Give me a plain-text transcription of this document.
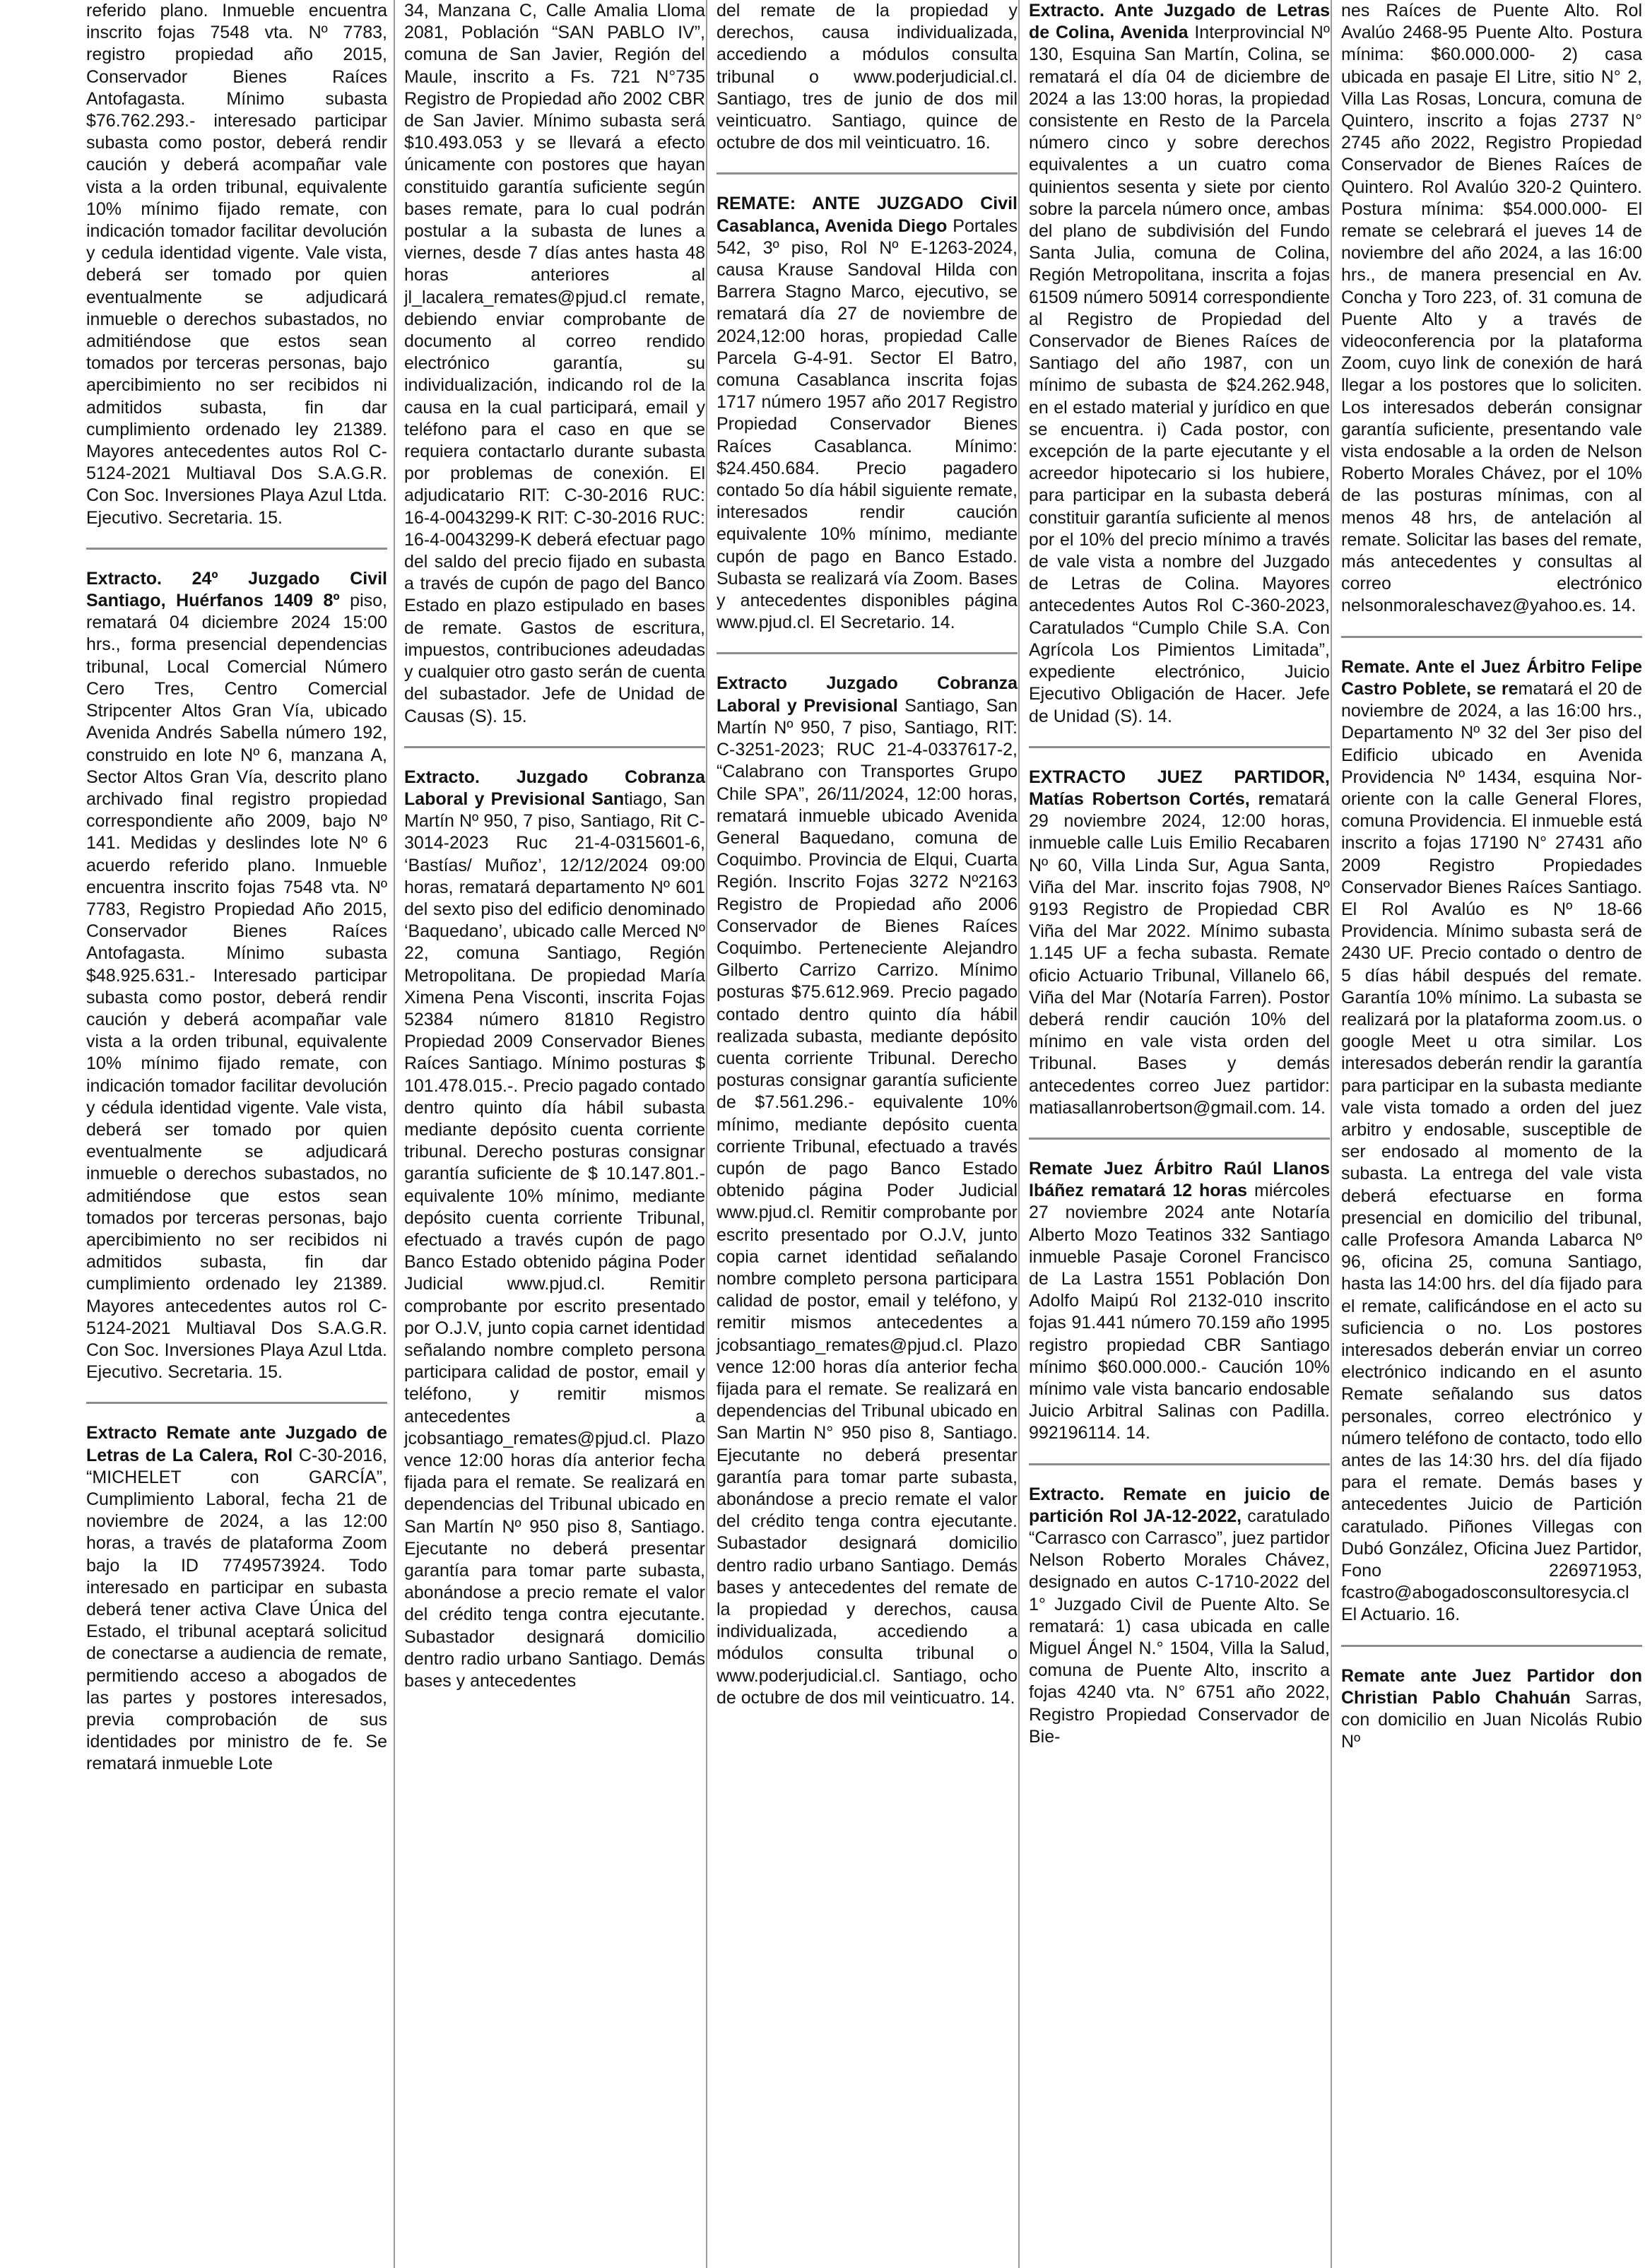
referido plano. Inmueble encuentra inscrito fojas 7548 vta. Nº 7783, registro propiedad año 2015, Conservador Bienes Raíces Antofagasta. Mínimo subasta $76.762.293.- interesado participar subasta como postor, deberá rendir caución y deberá acompañar vale vista a la orden tribunal, equivalente 10% mínimo fijado remate, con indicación tomador facilitar devolución y cedula identidad vigente. Vale vista, deberá ser tomado por quien eventualmente se adjudicará inmueble o derechos subastados, no admitiéndose que estos sean tomados por terceras personas, bajo apercibimiento no ser recibidos ni admitidos subasta, fin dar cumplimiento ordenado ley 21389. Mayores antecedentes autos Rol C-5124-2021 Multiaval Dos S.A.G.R. Con Soc. Inversiones Playa Azul Ltda. Ejecutivo. Secretaria. 15.
Extracto. 24º Juzgado Civil Santiago, Huérfanos 1409 8º piso, rematará 04 diciembre 2024 15:00 hrs., forma presencial dependencias tribunal, Local Comercial Número Cero Tres, Centro Comercial Stripcenter Altos Gran Vía, ubicado Avenida Andrés Sabella número 192, construido en lote Nº 6, manzana A, Sector Altos Gran Vía, descrito plano archivado final registro propiedad correspondiente año 2009, bajo Nº 141. Medidas y deslindes lote Nº 6 acuerdo referido plano. Inmueble encuentra inscrito fojas 7548 vta. Nº 7783, Registro Propiedad Año 2015, Conservador Bienes Raíces Antofagasta. Mínimo subasta $48.925.631.- Interesado participar subasta como postor, deberá rendir caución y deberá acompañar vale vista a la orden tribunal, equivalente 10% mínimo fijado remate, con indicación tomador facilitar devolución y cédula identidad vigente. Vale vista, deberá ser tomado por quien eventualmente se adjudicará inmueble o derechos subastados, no admitiéndose que estos sean tomados por terceras personas, bajo apercibimiento no ser recibidos ni admitidos subasta, fin dar cumplimiento ordenado ley 21389. Mayores antecedentes autos rol C-5124-2021 Multiaval Dos S.A.G.R. Con Soc. Inversiones Playa Azul Ltda. Ejecutivo. Secretaria. 15.
Extracto Remate ante Juzgado de Letras de La Calera, Rol C-30-2016, “MICHELET con GARCÍA”, Cumplimiento Laboral, fecha 21 de noviembre de 2024, a las 12:00 horas, a través de plataforma Zoom bajo la ID 7749573924. Todo interesado en participar en subasta deberá tener activa Clave Única del Estado, el tribunal aceptará solicitud de conectarse a audiencia de remate, permitiendo acceso a abogados de las partes y postores interesados, previa comprobación de sus identidades por ministro de fe. Se rematará inmueble Lote
34, Manzana C, Calle Amalia Lloma 2081, Población “SAN PABLO IV”, comuna de San Javier, Región del Maule, inscrito a Fs. 721 N°735 Registro de Propiedad año 2002 CBR de San Javier. Mínimo subasta será $10.493.053 y se llevará a efecto únicamente con postores que hayan constituido garantía suficiente según bases remate, para lo cual podrán postular a la subasta de lunes a viernes, desde 7 días antes hasta 48 horas anteriores al jl_lacalera_remates@pjud.cl remate, debiendo enviar comprobante de documento al correo rendido electrónico garantía, su individualización, indicando rol de la causa en la cual participará, email y teléfono para el caso en que se requiera contactarlo durante subasta por problemas de conexión. El adjudicatario RIT: C-30-2016 RUC: 16-4-0043299-K RIT: C-30-2016 RUC: 16-4-0043299-K deberá efectuar pago del saldo del precio fijado en subasta a través de cupón de pago del Banco Estado en plazo estipulado en bases de remate. Gastos de escritura, impuestos, contribuciones adeudadas y cualquier otro gasto serán de cuenta del subastador. Jefe de Unidad de Causas (S). 15.
Extracto. Juzgado Cobranza Laboral y Previsional Santiago, San Martín Nº 950, 7 piso, Santiago, Rit C-3014-2023 Ruc 21-4-0315601-6, ‘Bastías/ Muñoz’, 12/12/2024 09:00 horas, rematará departamento Nº 601 del sexto piso del edificio denominado ‘Baquedano’, ubicado calle Merced Nº 22, comuna Santiago, Región Metropolitana. De propiedad María Ximena Pena Visconti, inscrita Fojas 52384 número 81810 Registro Propiedad 2009 Conservador Bienes Raíces Santiago. Mínimo posturas $ 101.478.015.-. Precio pagado contado dentro quinto día hábil subasta mediante depósito cuenta corriente tribunal. Derecho posturas consignar garantía suficiente de $ 10.147.801.- equivalente 10% mínimo, mediante depósito cuenta corriente Tribunal, efectuado a través cupón de pago Banco Estado obtenido página Poder Judicial www.pjud.cl. Remitir comprobante por escrito presentado por O.J.V, junto copia carnet identidad señalando nombre completo persona participara calidad de postor, email y teléfono, y remitir mismos antecedentes a jcobsantiago_remates@pjud.cl. Plazo vence 12:00 horas día anterior fecha fijada para el remate. Se realizará en dependencias del Tribunal ubicado en San Martín Nº 950 piso 8, Santiago. Ejecutante no deberá presentar garantía para tomar parte subasta, abonándose a precio remate el valor del crédito tenga contra ejecutante. Subastador designará domicilio dentro radio urbano Santiago. Demás bases y antecedentes
del remate de la propiedad y derechos, causa individualizada, accediendo a módulos consulta tribunal o www.poderjudicial.cl. Santiago, tres de junio de dos mil veinticuatro. Santiago, quince de octubre de dos mil veinticuatro. 16.
REMATE: ANTE JUZGADO Civil Casablanca, Avenida Diego Portales 542, 3º piso, Rol Nº E-1263-2024, causa Krause Sandoval Hilda con Barrera Stagno Marco, ejecutivo, se rematará día 27 de noviembre de 2024,12:00 horas, propiedad Calle Parcela G-4-91. Sector El Batro, comuna Casablanca inscrita fojas 1717 número 1957 año 2017 Registro Propiedad Conservador Bienes Raíces Casablanca. Mínimo: $24.450.684. Precio pagadero contado 5o día hábil siguiente remate, interesados rendir caución equivalente 10% mínimo, mediante cupón de pago en Banco Estado. Subasta se realizará vía Zoom. Bases y antecedentes disponibles página www.pjud.cl. El Secretario. 14.
Extracto Juzgado Cobranza Laboral y Previsional Santiago, San Martín Nº 950, 7 piso, Santiago, RIT: C-3251-2023; RUC 21-4-0337617-2, “Calabrano con Transportes Grupo Chile SPA”, 26/11/2024, 12:00 horas, rematará inmueble ubicado Avenida General Baquedano, comuna de Coquimbo. Provincia de Elqui, Cuarta Región. Inscrito Fojas 3272 Nº2163 Registro de Propiedad año 2006 Conservador de Bienes Raíces Coquimbo. Perteneciente Alejandro Gilberto Carrizo Carrizo. Mínimo posturas $75.612.969. Precio pagado contado dentro quinto día hábil realizada subasta, mediante depósito cuenta corriente Tribunal. Derecho posturas consignar garantía suficiente de $7.561.296.- equivalente 10% mínimo, mediante depósito cuenta corriente Tribunal, efectuado a través cupón de pago Banco Estado obtenido página Poder Judicial www.pjud.cl. Remitir comprobante por escrito presentado por O.J.V, junto copia carnet identidad señalando nombre completo persona participara calidad de postor, email y teléfono, y remitir mismos antecedentes a jcobsantiago_remates@pjud.cl. Plazo vence 12:00 horas día anterior fecha fijada para el remate. Se realizará en dependencias del Tribunal ubicado en San Martin N° 950 piso 8, Santiago. Ejecutante no deberá presentar garantía para tomar parte subasta, abonándose a precio remate el valor del crédito tenga contra ejecutante. Subastador designará domicilio dentro radio urbano Santiago. Demás bases y antecedentes del remate de la propiedad y derechos, causa individualizada, accediendo a módulos consulta tribunal o www.poderjudicial.cl. Santiago, ocho de octubre de dos mil veinticuatro. 14.
Extracto. Ante Juzgado de Letras de Colina, Avenida Interprovincial Nº 130, Esquina San Martín, Colina, se rematará el día 04 de diciembre de 2024 a las 13:00 horas, la propiedad consistente en Resto de la Parcela número cinco y sobre derechos equivalentes a un cuatro coma quinientos sesenta y siete por ciento sobre la parcela número once, ambas del plano de subdivisión del Fundo Santa Julia, comuna de Colina, Región Metropolitana, inscrita a fojas 61509 número 50914 correspondiente al Registro de Propiedad del Conservador de Bienes Raíces de Santiago del año 1987, con un mínimo de subasta de $24.262.948, en el estado material y jurídico en que se encuentra. i) Cada postor, con excepción de la parte ejecutante y el acreedor hipotecario si los hubiere, para participar en la subasta deberá constituir garantía suficiente al menos por el 10% del precio mínimo a través de vale vista a nombre del Juzgado de Letras de Colina. Mayores antecedentes Autos Rol C-360-2023, Caratulados “Cumplo Chile S.A. Con Agrícola Los Pimientos Limitada”, expediente electrónico, Juicio Ejecutivo Obligación de Hacer. Jefe de Unidad (S). 14.
EXTRACTO JUEZ PARTIDOR, Matías Robertson Cortés, rematará 29 noviembre 2024, 12:00 horas, inmueble calle Luis Emilio Recabaren Nº 60, Villa Linda Sur, Agua Santa, Viña del Mar. inscrito fojas 7908, Nº 9193 Registro de Propiedad CBR Viña del Mar 2022. Mínimo subasta 1.145 UF a fecha subasta. Remate oficio Actuario Tribunal, Villanelo 66, Viña del Mar (Notaría Farren). Postor deberá rendir caución 10% del mínimo en vale vista orden del Tribunal. Bases y demás antecedentes correo Juez partidor: matiasallanrobertson@gmail.com. 14.
Remate Juez Árbitro Raúl Llanos Ibáñez rematará 12 horas miércoles 27 noviembre 2024 ante Notaría Alberto Mozo Teatinos 332 Santiago inmueble Pasaje Coronel Francisco de La Lastra 1551 Población Don Adolfo Maipú Rol 2132-010 inscrito fojas 91.441 número 70.159 año 1995 registro propiedad CBR Santiago mínimo $60.000.000.- Caución 10% mínimo vale vista bancario endosable Juicio Arbitral Salinas con Padilla. 992196114. 14.
Extracto. Remate en juicio de partición Rol JA-12-2022, caratulado “Carrasco con Carrasco”, juez partidor Nelson Roberto Morales Chávez, designado en autos C-1710-2022 del 1° Juzgado Civil de Puente Alto. Se rematará: 1) casa ubicada en calle Miguel Ángel N.° 1504, Villa la Salud, comuna de Puente Alto, inscrito a fojas 4240 vta. N° 6751 año 2022, Registro Propiedad Conservador de Bie-
nes Raíces de Puente Alto. Rol Avalúo 2468-95 Puente Alto. Postura mínima: $60.000.000- 2) casa ubicada en pasaje El Litre, sitio N° 2, Villa Las Rosas, Loncura, comuna de Quintero, inscrito a fojas 2737 N° 2745 año 2022, Registro Propiedad Conservador de Bienes Raíces de Quintero. Rol Avalúo 320-2 Quintero. Postura mínima: $54.000.000- El remate se celebrará el jueves 14 de noviembre del año 2024, a las 16:00 hrs., de manera presencial en Av. Concha y Toro 223, of. 31 comuna de Puente Alto y a través de videoconferencia por la plataforma Zoom, cuyo link de conexión de hará llegar a los postores que lo soliciten. Los interesados deberán consignar garantía suficiente, presentando vale vista endosable a la orden de Nelson Roberto Morales Chávez, por el 10% de las posturas mínimas, con al menos 48 hrs, de antelación al remate. Solicitar las bases del remate, más antecedentes y consultas al correo electrónico nelsonmoraleschavez@yahoo.es. 14.
Remate. Ante el Juez Árbitro Felipe Castro Poblete, se rematará el 20 de noviembre de 2024, a las 16:00 hrs., Departamento Nº 32 del 3er piso del Edificio ubicado en Avenida Providencia Nº 1434, esquina Nor-oriente con la calle General Flores, comuna Providencia. El inmueble está inscrito a fojas 17190 N° 27431 año 2009 Registro Propiedades Conservador Bienes Raíces Santiago. El Rol Avalúo es Nº 18-66 Providencia. Mínimo subasta será de 2430 UF. Precio contado o dentro de 5 días hábil después del remate. Garantía 10% mínimo. La subasta se realizará por la plataforma zoom.us. o google Meet u otra similar. Los interesados deberán rendir la garantía para participar en la subasta mediante vale vista tomado a orden del juez arbitro y endosable, susceptible de ser endosado al momento de la subasta. La entrega del vale vista deberá efectuarse en forma presencial en domicilio del tribunal, calle Profesora Amanda Labarca Nº 96, oficina 25, comuna Santiago, hasta las 14:00 hrs. del día fijado para el remate, calificándose en el acto su suficiencia o no. Los postores interesados deberán enviar un correo electrónico indicando en el asunto Remate señalando sus datos personales, correo electrónico y número teléfono de contacto, todo ello antes de las 14:30 hrs. del día fijado para el remate. Demás bases y antecedentes Juicio de Partición caratulado. Piñones Villegas con Dubó González, Oficina Juez Partidor, Fono 226971953, fcastro@abogadosconsultoresycia.cl El Actuario. 16.
Remate ante Juez Partidor don Christian Pablo Chahuán Sarras, con domicilio en Juan Nicolás Rubio Nº
